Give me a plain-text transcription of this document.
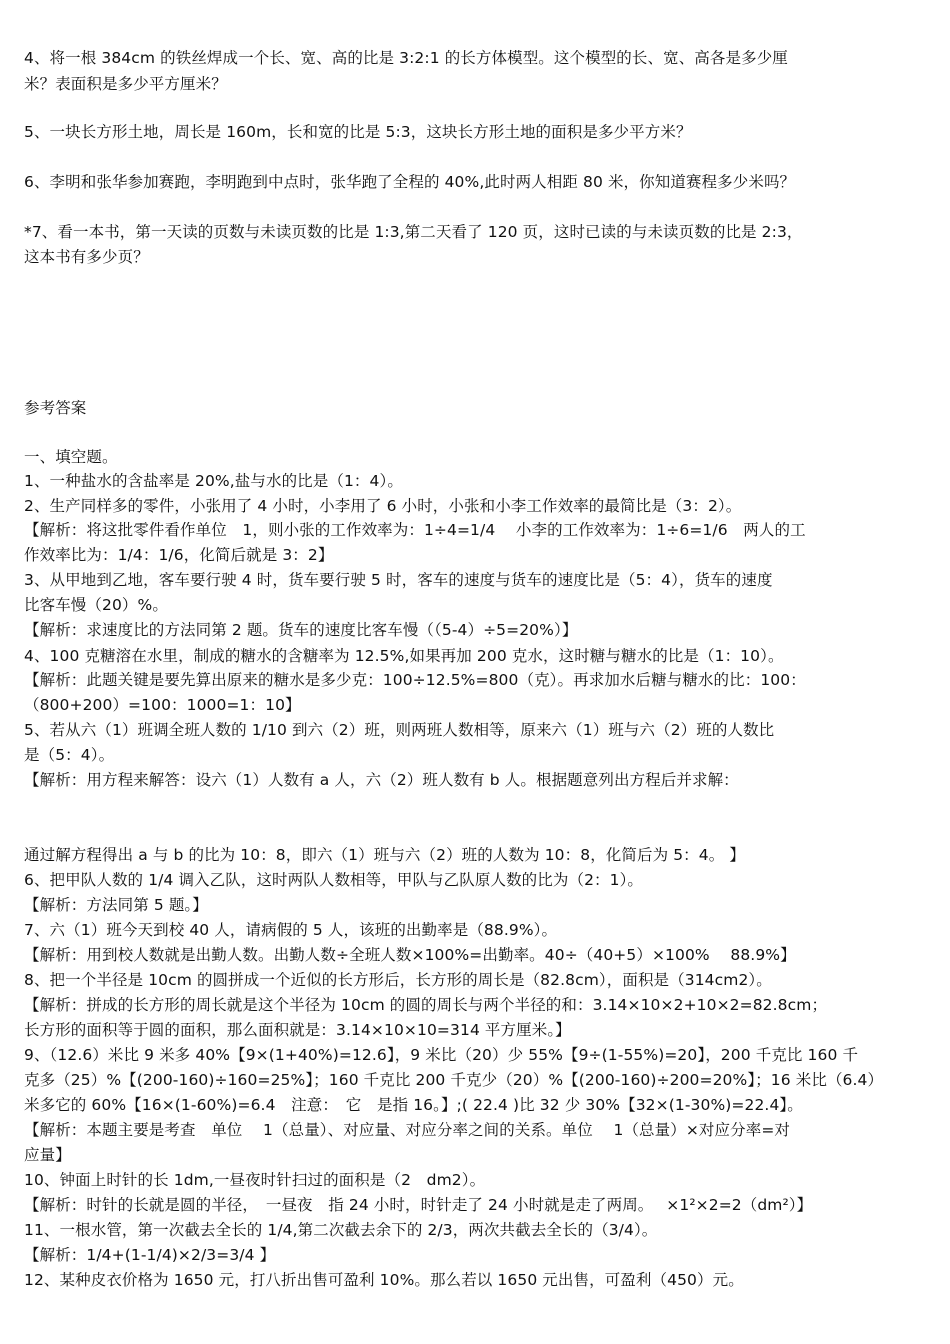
4、将一根 384cm 的铁丝焊成一个长、宽、高的比是 3:2:1 的长方体模型。这个模型的长、宽、高各是多少厘
米？表面积是多少平方厘米？
5、一块长方形土地，周长是 160m，长和宽的比是 5:3，这块长方形土地的面积是多少平方米？
6、李明和张华参加赛跑，李明跑到中点时，张华跑了全程的 40%,此时两人相距 80 米，你知道赛程多少米吗？
*7、看一本书，第一天读的页数与未读页数的比是 1:3,第二天看了 120 页，这时已读的与未读页数的比是 2:3，
这本书有多少页？
参考答案
一、填空题。
1、一种盐水的含盐率是 20%,盐与水的比是（1：4）。
2、生产同样多的零件，小张用了 4 小时，小李用了 6 小时，小张和小李工作效率的最简比是（3：2）。
【解析：将这批零件看作单位　1，则小张的工作效率为：1÷4=1/4　 小李的工作效率为：1÷6=1/6　两人的工
作效率比为：1/4：1/6，化简后就是 3：2】
3、从甲地到乙地，客车要行驶 4 时，货车要行驶 5 时，客车的速度与货车的速度比是（5：4），货车的速度
比客车慢（20）%。
【解析：求速度比的方法同第 2 题。货车的速度比客车慢（（5-4）÷5=20%）】
4、100 克糖溶在水里，制成的糖水的含糖率为 12.5%,如果再加 200 克水，这时糖与糖水的比是（1：10）。
【解析：此题关键是要先算出原来的糖水是多少克：100÷12.5%=800（克）。再求加水后糖与糖水的比：100：
（800+200）=100：1000=1：10】
5、若从六（1）班调全班人数的 1/10 到六（2）班，则两班人数相等，原来六（1）班与六（2）班的人数比
是（5：4）。
【解析：用方程来解答：设六（1）人数有 a 人，六（2）班人数有 b 人。根据题意列出方程后并求解：
通过解方程得出 a 与 b 的比为 10：8，即六（1）班与六（2）班的人数为 10：8，化简后为 5：4。 】
6、把甲队人数的 1/4 调入乙队，这时两队人数相等，甲队与乙队原人数的比为（2：1）。
【解析：方法同第 5 题。】
7、六（1）班今天到校 40 人，请病假的 5 人，该班的出勤率是（88.9%）。
【解析：用到校人数就是出勤人数。出勤人数÷全班人数×100%=出勤率。40÷（40+5）×100%　 88.9%】
8、把一个半径是 10cm 的圆拼成一个近似的长方形后，长方形的周长是（82.8cm），面积是（314cm2）。
【解析：拼成的长方形的周长就是这个半径为 10cm 的圆的周长与两个半径的和：3.14×10×2+10×2=82.8cm；
长方形的面积等于圆的面积，那么面积就是：3.14×10×10=314 平方厘米。】
9、（12.6）米比 9 米多 40%【9×(1+40%)=12.6】，9 米比（20）少 55%【9÷(1-55%)=20】，200 千克比 160 千
克多（25）%【(200-160)÷160=25%】；160 千克比 200 千克少（20）%【(200-160)÷200=20%】；16 米比（6.4）
米多它的 60%【16×(1-60%)=6.4　注意：　它　是指 16。】;( 22.4 )比 32 少 30%【32×(1-30%)=22.4】。
【解析：本题主要是考查　单位　 1（总量）、对应量、对应分率之间的关系。单位　 1（总量）×对应分率=对
应量】
10、钟面上时针的长 1dm,一昼夜时针扫过的面积是（2　dm2）。
【解析：时针的长就是圆的半径，　一昼夜　指 24 小时，时针走了 24 小时就是走了两周。　 ×1²×2=2（dm²）】
11、一根水管，第一次截去全长的 1/4,第二次截去余下的 2/3，两次共截去全长的（3/4）。
【解析：1/4+(1-1/4)×2/3=3/4 】
12、某种皮衣价格为 1650 元，打八折出售可盈利 10%。那么若以 1650 元出售，可盈利（450）元。
